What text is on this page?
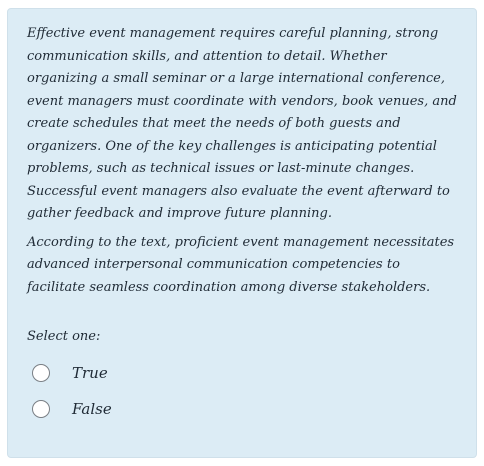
Effective event management requires careful planning, strong communication skills, and attention to detail. Whether organizing a small seminar or a large international conference, event managers must coordinate with vendors, book venues, and create schedules that meet the needs of both guests and organizers. One of the key challenges is anticipating potential problems, such as technical issues or last-minute changes. Successful event managers also evaluate the event afterward to gather feedback and improve future planning.

According to the text, proficient event management necessitates advanced interpersonal communication competencies to facilitate seamless coordination among diverse stakeholders.

Select one:
True
False
